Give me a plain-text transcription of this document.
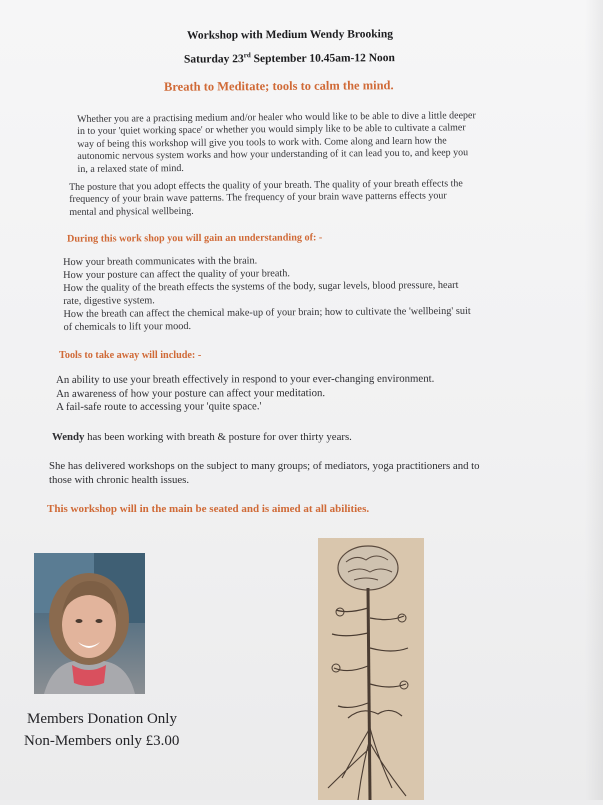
Workshop with Medium Wendy Brooking
Saturday 23rd September 10.45am-12 Noon
Breath to Meditate; tools to calm the mind.

Whether you are a practising medium and/or healer who would like to be able to dive a little deeper

in to your 'quiet working space' or whether you would simply like to be able to cultivate a calmer

way of being this workshop will give you tools to work with. Come along and learn how the

autonomic nervous system works and how your understanding of it can lead you to, and keep you

in, a relaxed state of mind.

The posture that you adopt effects the quality of your breath. The quality of your breath effects the

frequency of your brain wave patterns. The frequency of your brain wave patterns effects your

mental and physical wellbeing.

During this work shop you will gain an understanding of: -

How your breath communicates with the brain.

How your posture can affect the quality of your breath.

How the quality of the breath effects the systems of the body, sugar levels, blood pressure, heart

rate, digestive system.

How the breath can affect the chemical make-up of your brain; how to cultivate the 'wellbeing' suit

of chemicals to lift your mood.

Tools to take away will include: -

An ability to use your breath effectively in respond to your ever-changing environment.

An awareness of how your posture can affect your meditation.

A fail-safe route to accessing your 'quite space.'

Wendy has been working with breath & posture for over thirty years.

She has delivered workshops on the subject to many groups; of mediators, yoga practitioners and to

those with chronic health issues.

This workshop will in the main be seated and is aimed at all abilities.
Members Donation Only
Non-Members only £3.00
